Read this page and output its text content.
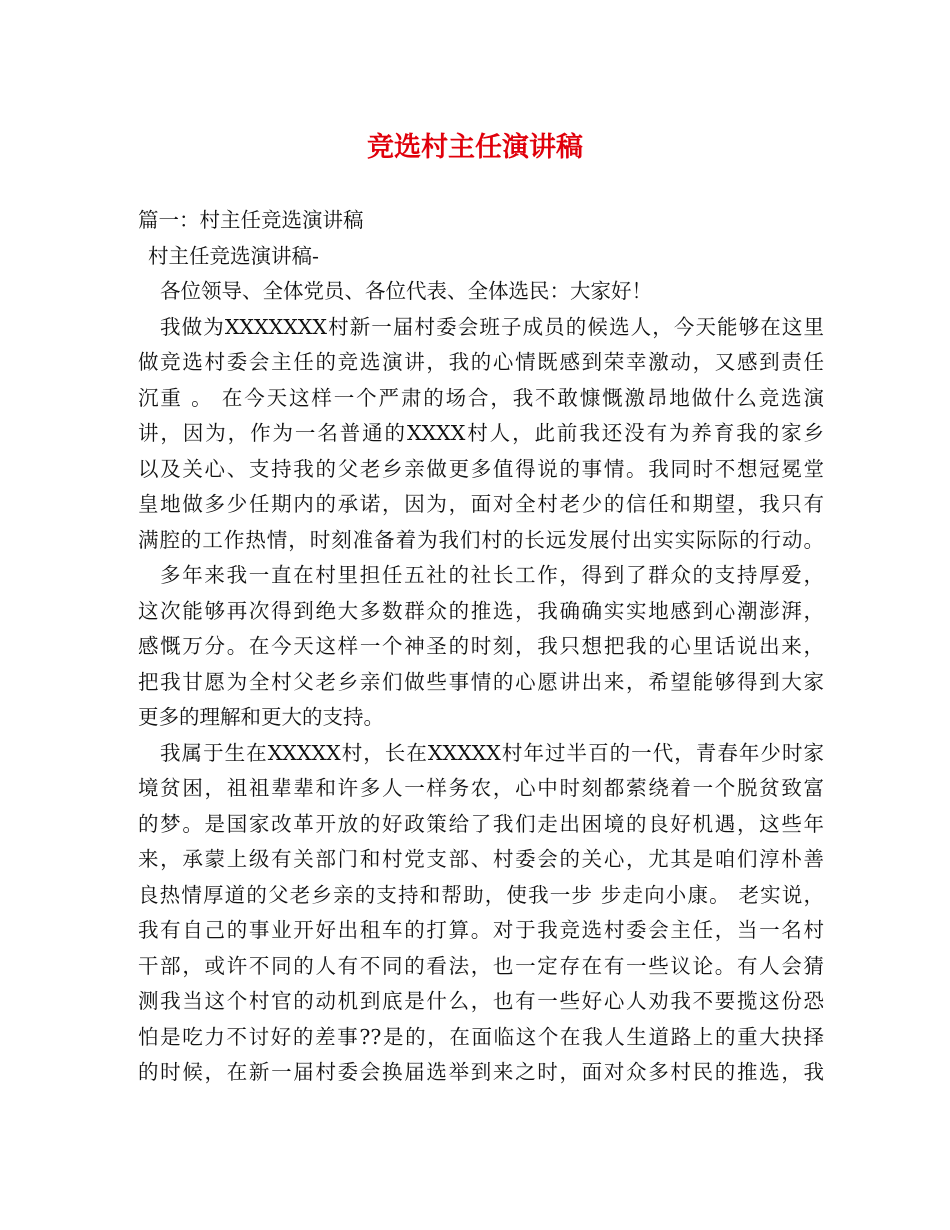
竞选村主任演讲稿
篇一：村主任竞选演讲稿
村主任竞选演讲稿-
各位领导、全体党员、各位代表、全体选民：大家好！
我做为XXXXXXX村新一届村委会班子成员的候选人，今天能够在这里
做竞选村委会主任的竞选演讲，我的心情既感到荣幸激动，又感到责任
沉重 。 在今天这样一个严肃的场合，我不敢慷慨激昂地做什么竞选演
讲，因为，作为一名普通的XXXX村人，此前我还没有为养育我的家乡
以及关心、支持我的父老乡亲做更多值得说的事情。我同时不想冠冕堂
皇地做多少任期内的承诺，因为，面对全村老少的信任和期望，我只有
满腔的工作热情，时刻准备着为我们村的长远发展付出实实际际的行动。
多年来我一直在村里担任五社的社长工作，得到了群众的支持厚爱，
这次能够再次得到绝大多数群众的推选，我确确实实地感到心潮澎湃，
感慨万分。在今天这样一个神圣的时刻，我只想把我的心里话说出来，
把我甘愿为全村父老乡亲们做些事情的心愿讲出来，希望能够得到大家
更多的理解和更大的支持。
我属于生在XXXXX村，长在XXXXX村年过半百的一代，青春年少时家
境贫困，祖祖辈辈和许多人一样务农，心中时刻都萦绕着一个脱贫致富
的梦。是国家改革开放的好政策给了我们走出困境的良好机遇，这些年
来，承蒙上级有关部门和村党支部、村委会的关心，尤其是咱们淳朴善
良热情厚道的父老乡亲的支持和帮助，使我一步 步走向小康。 老实说，
我有自己的事业开好出租车的打算。对于我竞选村委会主任，当一名村
干部，或许不同的人有不同的看法，也一定存在有一些议论。有人会猜
测我当这个村官的动机到底是什么，也有一些好心人劝我不要揽这份恐
怕是吃力不讨好的差事??是的，在面临这个在我人生道路上的重大抉择
的时候，在新一届村委会换届选举到来之时，面对众多村民的推选，我
